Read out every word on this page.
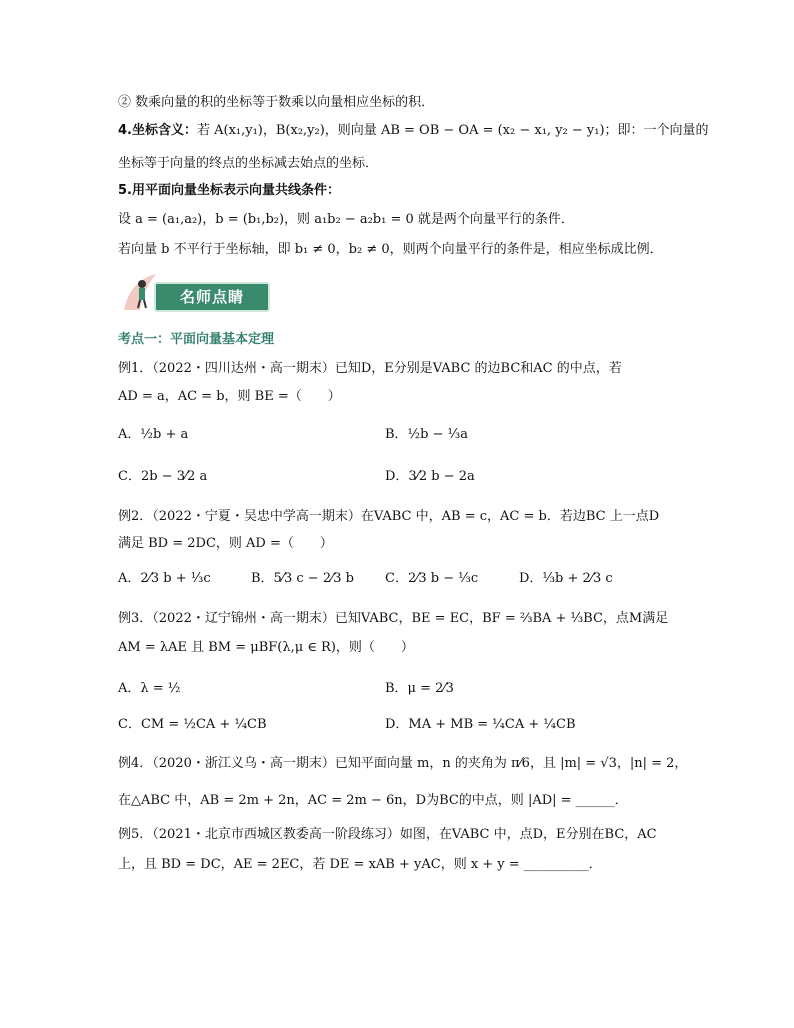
② 数乘向量的积的坐标等于数乘以向量相应坐标的积．
4.坐标含义：若 A(x₁,y₁)，B(x₂,y₂)，则向量 AB = OB − OA = (x₂ − x₁, y₂ − y₁)；即：一个向量的
坐标等于向量的终点的坐标减去始点的坐标．
5.用平面向量坐标表示向量共线条件：
设 a = (a₁,a₂)，b = (b₁,b₂)，则 a₁b₂ − a₂b₁ = 0 就是两个向量平行的条件．
若向量 b 不平行于坐标轴，即 b₁ ≠ 0，b₂ ≠ 0，则两个向量平行的条件是，相应坐标成比例．
名师点睛
考点一：平面向量基本定理
例1．（2022・四川达州・高一期末）已知D，E分别是VABC 的边BC和AC 的中点，若
AD = a，AC = b，则 BE =（　　）
A．½b + a	B．½b − ⅓a
C．2b − 3⁄2 a	D．3⁄2 b − 2a
例2．（2022・宁夏・吴忠中学高一期末）在VABC 中，AB = c，AC = b．若边BC 上一点D
满足 BD = 2DC，则 AD =（　　）
A．2⁄3 b + ⅓c	B．5⁄3 c − 2⁄3 b C．2⁄3 b − ⅓c	D．⅓b + 2⁄3 c
例3．（2022・辽宁锦州・高一期末）已知VABC，BE = EC，BF = ⅔BA + ⅓BC，点M满足
AM = λAE 且 BM = μBF(λ,μ ∈ R)，则（　　）
A．λ = ½	B．μ = 2⁄3
C．CM = ½CA + ¼CB	D．MA + MB = ¼CA + ¼CB
例4．（2020・浙江义乌・高一期末）已知平面向量 m，n 的夹角为 π⁄6，且 |m| = √3，|n| = 2，
在△ABC 中，AB = 2m + 2n，AC = 2m − 6n，D为BC的中点，则 |AD| = ______．
例5．（2021・北京市西城区教委高一阶段练习）如图，在VABC 中，点D，E分别在BC，AC
上，且 BD = DC，AE = 2EC，若 DE = xAB + yAC，则 x + y = __________．
